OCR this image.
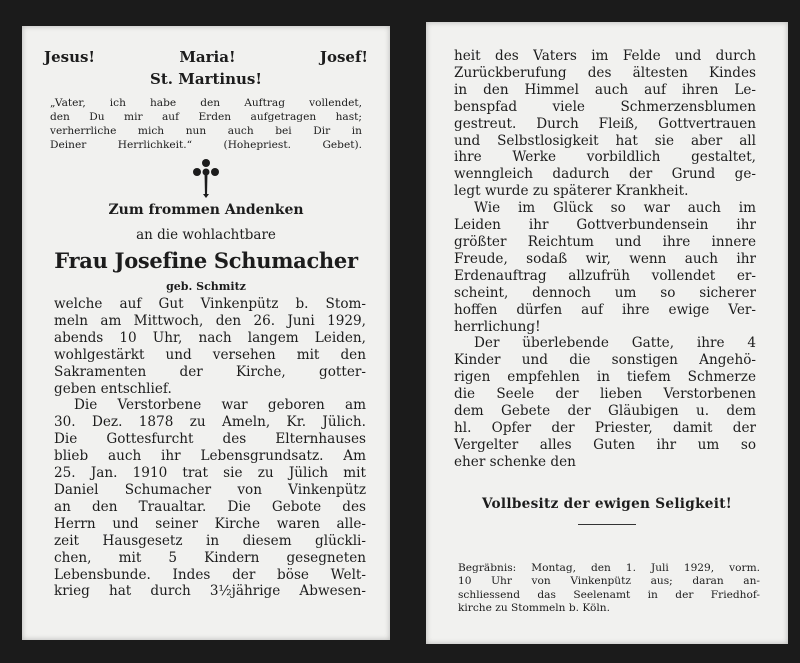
Jesus!	Maria!	Josef!
St. Martinus!
„Vater, ich habe den Auftrag vollendet,
den Du mir auf Erden aufgetragen hast;
verherrliche mich nun auch bei Dir in
Deiner Herrlichkeit.“ (Hohepriest. Gebet).
Zum frommen Andenken
an die wohlachtbare
Frau Josefine Schumacher
geb. Schmitz
welche auf Gut Vinkenpütz b. Stom-
meln am Mittwoch, den 26. Juni 1929,
abends 10 Uhr, nach langem Leiden,
wohlgestärkt und versehen mit den
Sakramenten der Kirche, gotter-
geben entschlief.
Die Verstorbene war geboren am
30. Dez. 1878 zu Ameln, Kr. Jülich.
Die Gottesfurcht des Elternhauses
blieb auch ihr Lebensgrundsatz. Am
25. Jan. 1910 trat sie zu Jülich mit
Daniel Schumacher von Vinkenpütz
an den Traualtar. Die Gebote des
Herrn und seiner Kirche waren alle-
zeit Hausgesetz in diesem glückli-
chen, mit 5 Kindern gesegneten
Lebensbunde. Indes der böse Welt-
krieg hat durch 3½jährige Abwesen-
heit des Vaters im Felde und durch
Zurückberufung des ältesten Kindes
in den Himmel auch auf ihren Le-
benspfad viele Schmerzensblumen
gestreut. Durch Fleiß, Gottvertrauen
und Selbstlosigkeit hat sie aber all
ihre Werke vorbildlich gestaltet,
wenngleich dadurch der Grund ge-
legt wurde zu späterer Krankheit.
Wie im Glück so war auch im
Leiden ihr Gottverbundensein ihr
größter Reichtum und ihre innere
Freude, sodaß wir, wenn auch ihr
Erdenauftrag allzufrüh vollendet er-
scheint, dennoch um so sicherer
hoffen dürfen auf ihre ewige Ver-
herrlichung!
Der überlebende Gatte, ihre 4
Kinder und die sonstigen Angehö-
rigen empfehlen in tiefem Schmerze
die Seele der lieben Verstorbenen
dem Gebete der Gläubigen u. dem
hl. Opfer der Priester, damit der
Vergelter alles Guten ihr um so
eher schenke den
Vollbesitz der ewigen Seligkeit!
Begräbnis: Montag, den 1. Juli 1929, vorm.
10 Uhr von Vinkenpütz aus; daran an-
schliessend das Seelenamt in der Friedhof-
kirche zu Stommeln b. Köln.
